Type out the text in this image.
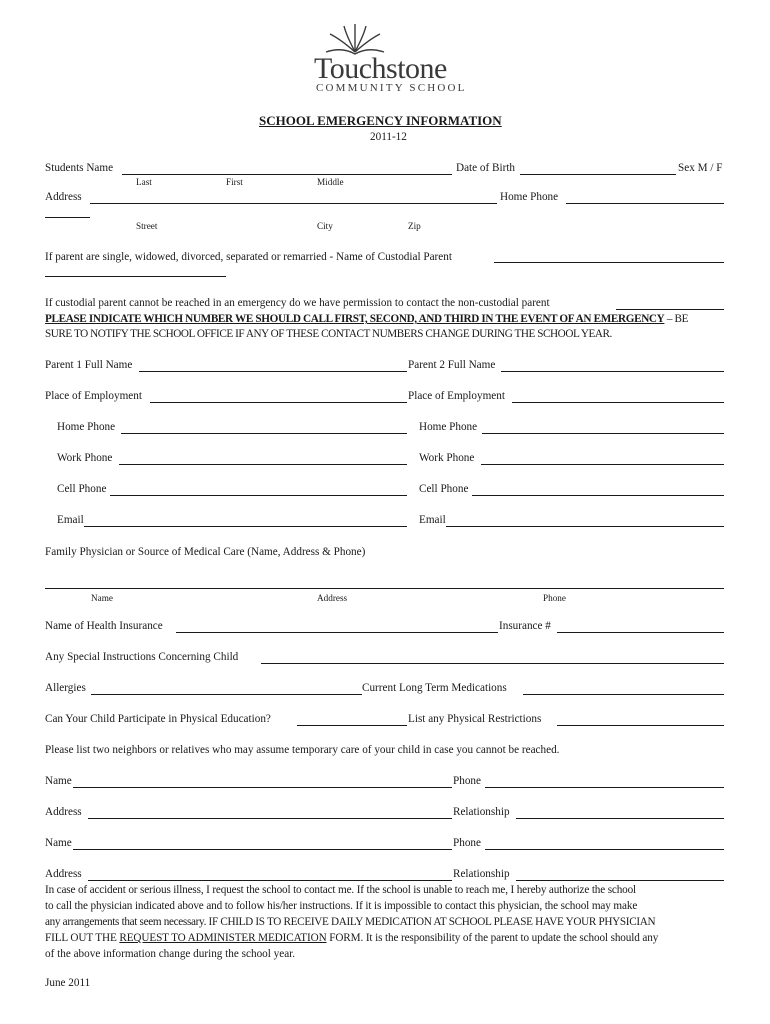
Touchstone
COMMUNITY SCHOOL
SCHOOL EMERGENCY INFORMATION
2011-12
Students Name	Date of Birth	Sex M / F
Last	First	Middle
Address	Home Phone
Street	City	Zip
If parent are single, widowed, divorced, separated or remarried - Name of Custodial Parent
If custodial parent cannot be reached in an emergency do we have permission to contact the non-custodial parent
PLEASE INDICATE WHICH NUMBER WE SHOULD CALL FIRST, SECOND, AND THIRD IN THE EVENT OF AN EMERGENCY – BE
SURE TO NOTIFY THE SCHOOL OFFICE IF ANY OF THESE CONTACT NUMBERS CHANGE DURING THE SCHOOL YEAR.
Parent 1 Full Name	Parent 2 Full Name
Place of Employment	Place of Employment
Home Phone	Home Phone
Work Phone	Work Phone
Cell Phone	Cell Phone
Email	Email
Family Physician or Source of Medical Care (Name, Address & Phone)
Name	Address	Phone
Name of Health Insurance	Insurance #
Any Special Instructions Concerning Child
Allergies	Current Long Term Medications
Can Your Child Participate in Physical Education?	List any Physical Restrictions
Please list two neighbors or relatives who may assume temporary care of your child in case you cannot be reached.
Name	Phone
Address	Relationship
Name	Phone
Address	Relationship
In case of accident or serious illness, I request the school to contact me. If the school is unable to reach me, I hereby authorize the school
to call the physician indicated above and to follow his/her instructions. If it is impossible to contact this physician, the school may make
any arrangements that seem necessary. IF CHILD IS TO RECEIVE DAILY MEDICATION AT SCHOOL PLEASE HAVE YOUR PHYSICIAN
FILL OUT THE REQUEST TO ADMINISTER MEDICATION FORM. It is the responsibility of the parent to update the school should any
of the above information change during the school year.
June 2011
